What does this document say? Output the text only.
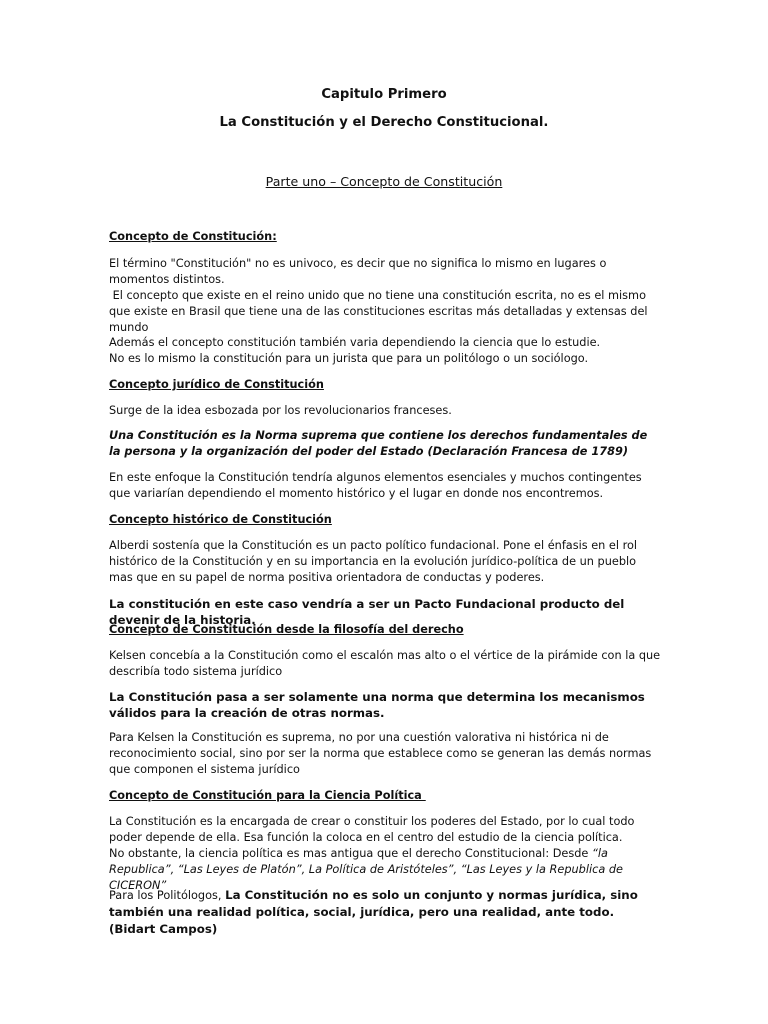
Capitulo Primero
La Constitución y el Derecho Constitucional.
Parte uno – Concepto de Constitución
Concepto de Constitución:
El término "Constitución" no es univoco, es decir que no significa lo mismo en lugares o momentos distintos.
El concepto que existe en el reino unido que no tiene una constitución escrita, no es el mismo que existe en Brasil que tiene una de las constituciones escritas más detalladas y extensas del mundo
Además el concepto constitución también varia dependiendo la ciencia que lo estudie.
No es lo mismo la constitución para un jurista que para un politólogo o un sociólogo.
Concepto jurídico de Constitución
Surge de la idea esbozada por los revolucionarios franceses.
Una Constitución es la Norma suprema que contiene los derechos fundamentales de la persona y la organización del poder del Estado (Declaración Francesa de 1789)
En este enfoque la Constitución tendría algunos elementos esenciales y muchos contingentes que variarían dependiendo el momento histórico y el lugar en donde nos encontremos.
Concepto histórico de Constitución
Alberdi sostenía que la Constitución es un pacto político fundacional. Pone el énfasis en el rol histórico de la Constitución y en su importancia en la evolución jurídico-política de un pueblo mas que en su papel de norma positiva orientadora de conductas y poderes.
La constitución en este caso vendría a ser un Pacto Fundacional producto del devenir de la historia.
Concepto de Constitución desde la filosofía del derecho
Kelsen concebía a la Constitución como el escalón mas alto o el vértice de la pirámide con la que describía todo sistema jurídico
La Constitución pasa a ser solamente una norma que determina los mecanismos válidos para la creación de otras normas.
Para Kelsen la Constitución es suprema, no por una cuestión valorativa ni histórica ni de reconocimiento social, sino por ser la norma que establece como se generan las demás normas que componen el sistema jurídico
Concepto de Constitución para la Ciencia Política
La Constitución es la encargada de crear o constituir los poderes del Estado, por lo cual todo poder depende de ella. Esa función la coloca en el centro del estudio de la ciencia política.
No obstante, la ciencia política es mas antigua que el derecho Constitucional: Desde “la Republica”, “Las Leyes de Platón”, La Política de Aristóteles”, “Las Leyes y la Republica de CICERON”
Para los Politólogos, La Constitución no es solo un conjunto y normas jurídica, sino también una realidad política, social, jurídica, pero una realidad, ante todo. (Bidart Campos)
